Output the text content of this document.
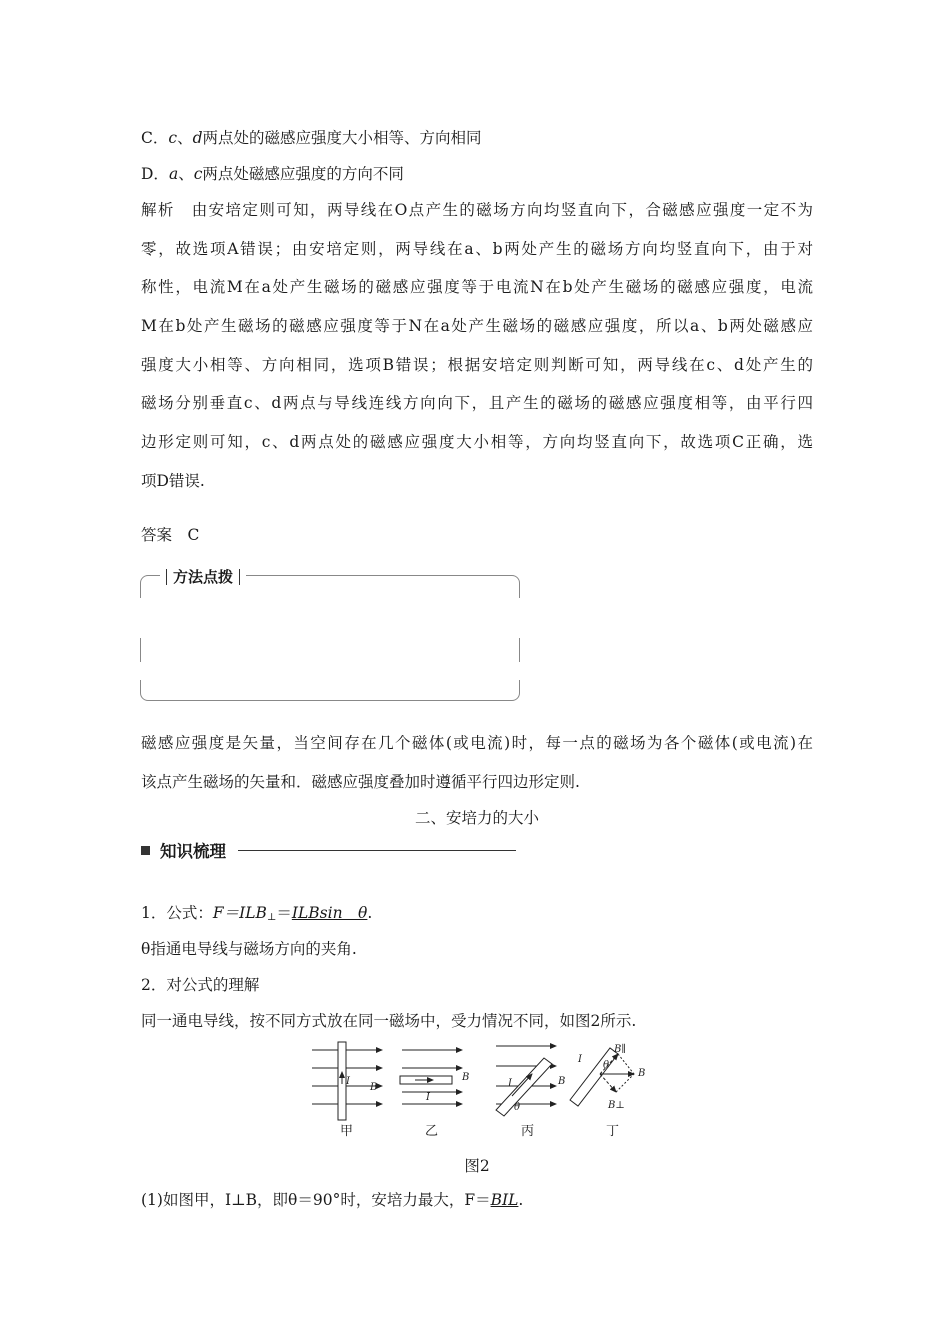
C．c、d两点处的磁感应强度大小相等、方向相同
D．a、c两点处磁感应强度的方向不同
解析　由安培定则可知，两导线在O点产生的磁场方向均竖直向下，合磁感应强度一定不为
零，故选项A错误；由安培定则，两导线在a、b两处产生的磁场方向均竖直向下，由于对
称性，电流M在a处产生磁场的磁感应强度等于电流N在b处产生磁场的磁感应强度，电流
M在b处产生磁场的磁感应强度等于N在a处产生磁场的磁感应强度，所以a、b两处磁感应
强度大小相等、方向相同，选项B错误；根据安培定则判断可知，两导线在c、d处产生的
磁场分别垂直c、d两点与导线连线方向向下，且产生的磁场的磁感应强度相等，由平行四
边形定则可知，c、d两点处的磁感应强度大小相等，方向均竖直向下，故选项C正确，选
项D错误.
答案　 C
方法点拨
磁感应强度是矢量，当空间存在几个磁体(或电流)时，每一点的磁场为各个磁体(或电流)在
该点产生磁场的矢量和．磁感应强度叠加时遵循平行四边形定则.
二、安培力的大小
知识梳理
1．公式：$F=ILB_\perp=ILBsin$　θ.
θ指通电导线与磁场方向的夹角.
2．对公式的理解
同一通电导线，按不同方式放在同一磁场中，受力情况不同，如图2所示.
I
B
I
B
I	B
θ
I
B
θ
B∥
B⊥
甲	乙	丙	丁
图2
(1)如图甲，I⊥B，即θ＝90°时，安培力最大，F＝BIL.
